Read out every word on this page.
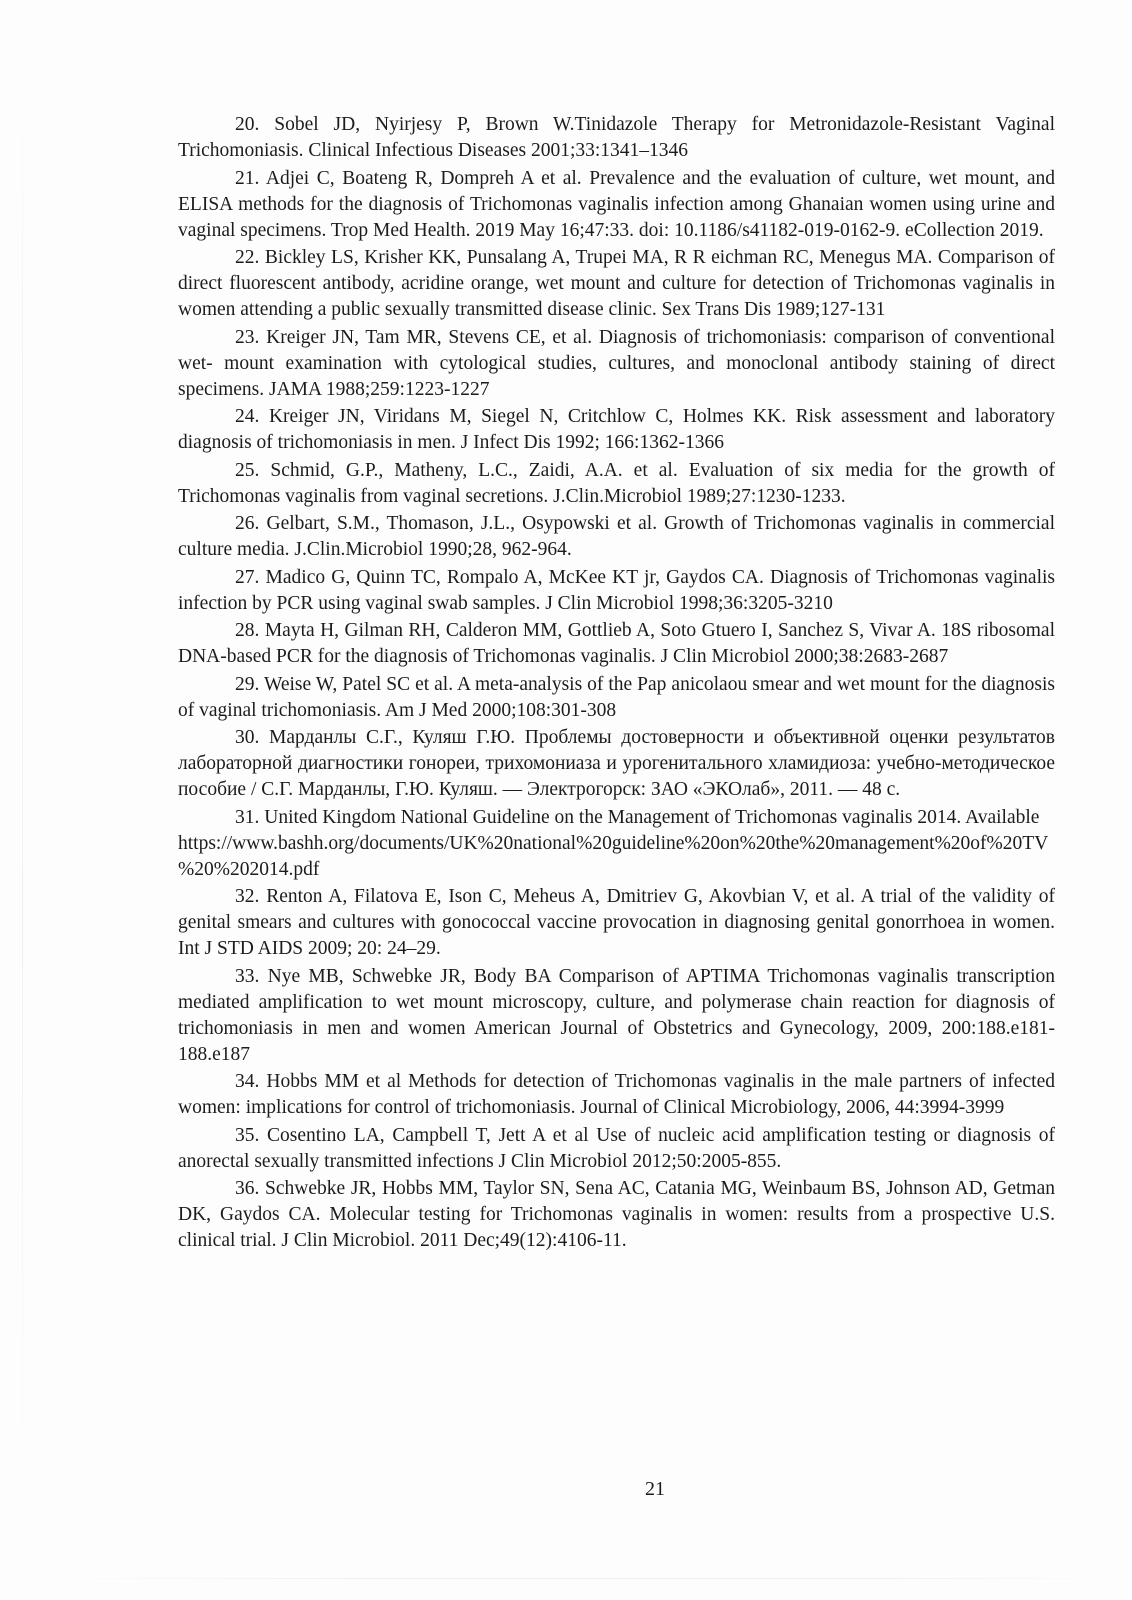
20. Sobel JD, Nyirjesy P, Brown W.Tinidazole Therapy for Metronidazole-Resistant Vaginal Trichomoniasis. Clinical Infectious Diseases 2001;33:1341–1346

21. Adjei C, Boateng R, Dompreh A et al. Prevalence and the evaluation of culture, wet mount, and ELISA methods for the diagnosis of Trichomonas vaginalis infection among Ghanaian women using urine and vaginal specimens. Trop Med Health. 2019 May 16;47:33. doi: 10.1186/s41182-019-0162-9. eCollection 2019.

22. Bickley LS, Krisher KK, Punsalang A, Trupei MA, R R eichman RC, Menegus MA. Comparison of direct fluorescent antibody, acridine orange, wet mount and culture for detection of Trichomonas vaginalis in women attending a public sexually transmitted disease clinic. Sex Trans Dis 1989;127-131

23. Kreiger JN, Tam MR, Stevens CE, et al. Diagnosis of trichomoniasis: comparison of conventional wet- mount examination with cytological studies, cultures, and monoclonal antibody staining of direct specimens. JAMA 1988;259:1223-1227

24. Kreiger JN, Viridans M, Siegel N, Critchlow C, Holmes KK. Risk assessment and laboratory diagnosis of trichomoniasis in men. J Infect Dis 1992; 166:1362-1366

25. Schmid, G.P., Matheny, L.C., Zaidi, A.A. et al. Evaluation of six media for the growth of Trichomonas vaginalis from vaginal secretions. J.Clin.Microbiol 1989;27:1230-1233.

26. Gelbart, S.M., Thomason, J.L., Osypowski et al. Growth of Trichomonas vaginalis in commercial culture media. J.Clin.Microbiol 1990;28, 962-964.

27. Madico G, Quinn TC, Rompalo A, McKee KT jr, Gaydos CA. Diagnosis of Trichomonas vaginalis infection by PCR using vaginal swab samples. J Clin Microbiol 1998;36:3205-3210

28. Mayta H, Gilman RH, Calderon MM, Gottlieb A, Soto Gtuero I, Sanchez S, Vivar A. 18S ribosomal DNA-based PCR for the diagnosis of Trichomonas vaginalis. J Clin Microbiol 2000;38:2683-2687

29. Weise W, Patel SC et al. A meta-analysis of the Pap anicolaou smear and wet mount for the diagnosis of vaginal trichomoniasis. Am J Med 2000;108:301-308

30. Марданлы С.Г., Куляш Г.Ю. Проблемы достоверности и объективной оценки результатов лабораторной диагностики гонореи, трихомониаза и урогенитального хламидиоза: учебно-методическое пособие / С.Г. Марданлы, Г.Ю. Куляш. — Электрогорск: ЗАО «ЭКОлаб», 2011. — 48 с.

31. United Kingdom National Guideline on the Management of Trichomonas vaginalis 2014. Available https://www.bashh.org/documents/UK%20national%20guideline%20on%20the%20management%20of%20TV%20%202014.pdf

32. Renton A, Filatova E, Ison C, Meheus A, Dmitriev G, Akovbian V, et al. A trial of the validity of genital smears and cultures with gonococcal vaccine provocation in diagnosing genital gonorrhoea in women. Int J STD AIDS 2009; 20: 24–29.

33. Nye MB, Schwebke JR, Body BA Comparison of APTIMA Trichomonas vaginalis transcription mediated amplification to wet mount microscopy, culture, and polymerase chain reaction for diagnosis of trichomoniasis in men and women American Journal of Obstetrics and Gynecology, 2009, 200:188.e181- 188.e187

34. Hobbs MM et al Methods for detection of Trichomonas vaginalis in the male partners of infected women: implications for control of trichomoniasis. Journal of Clinical Microbiology, 2006, 44:3994-3999

35. Cosentino LA, Campbell T, Jett A et al Use of nucleic acid amplification testing or diagnosis of anorectal sexually transmitted infections J Clin Microbiol 2012;50:2005-855.

36. Schwebke JR, Hobbs MM, Taylor SN, Sena AC, Catania MG, Weinbaum BS, Johnson AD, Getman DK, Gaydos CA. Molecular testing for Trichomonas vaginalis in women: results from a prospective U.S. clinical trial. J Clin Microbiol. 2011 Dec;49(12):4106-11.

21
